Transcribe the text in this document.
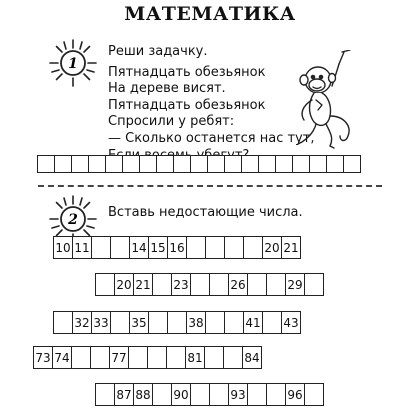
МАТЕМАТИКА
1
Реши задачку.
Пятнадцать обезьянок
На дереве висят.
Пятнадцать обезьянок
Спросили у ребят:
— Сколько останется нас тут,
2 Вставь недостающие числа.
10 11	14 15 16	20 21
20 21 23	26	29
32 33 35	38	41 43
73 74	77	81	84
87 88 90	93	96
